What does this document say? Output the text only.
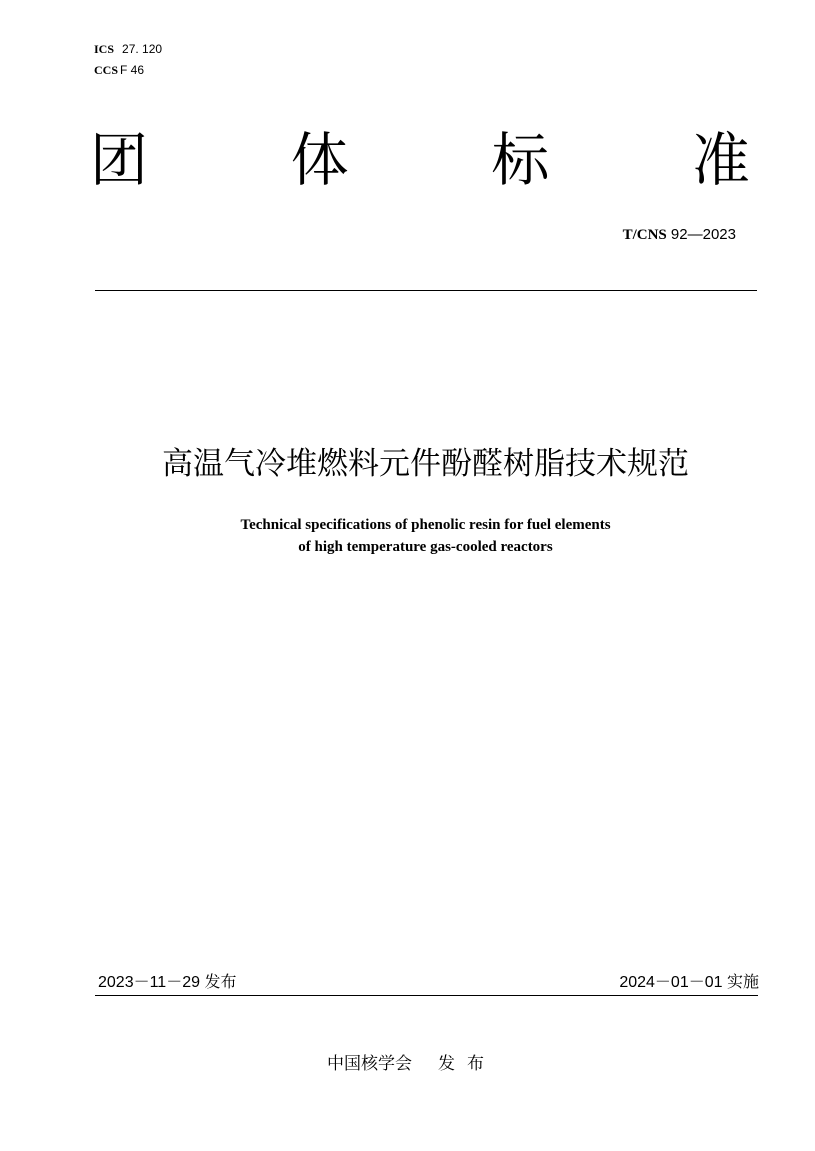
ICS 27. 120
CCS F 46
团 体 标 准
T/CNS 92—2023
高温气冷堆燃料元件酚醛树脂技术规范
Technical specifications of phenolic resin for fuel elements
of high temperature gas-cooled reactors
2023－11－29 发布	2024－01－01 实施
中国核学会 发布
